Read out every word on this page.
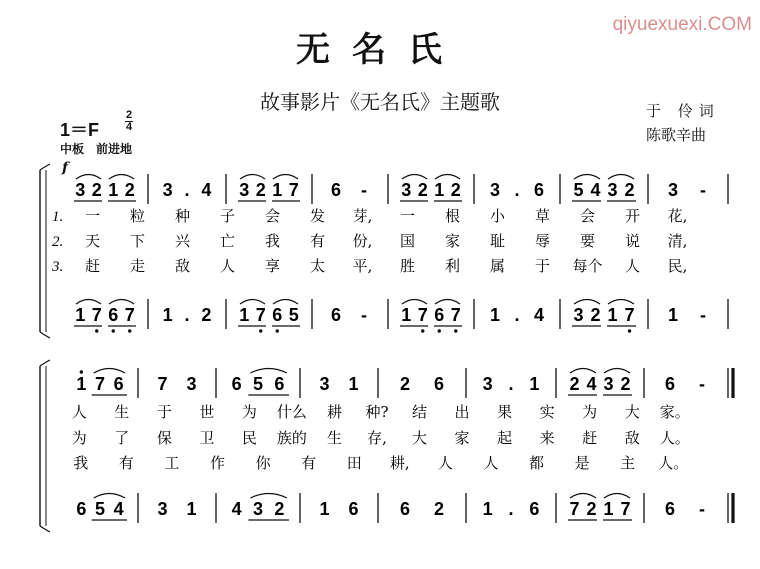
无名氏
故事影片《无名氏》主题歌
qiyuexuexi.COM
于 伶词
陈歌辛曲
1＝F
2
4
中板　前进地
f
3 2 1 2 3 . 4 3 2 1 7 6 - 3 2 1 2 3 . 6 5 4 3 2 3 -
1 7 6 7 1 . 2 1 7 6 5 6 - 1 7 6 7 1 . 4 3 2 1 7 1 -
1 7 6 7 3 6 5 6 3 1 2 6 3 . 1 2 4 3 2 6 -
6 5 4 3 1 4 3 2 1 6 6 2 1 . 6 7 2 1 7 6 -
1. 一 粒 种 子 会 发 芽, 一 根 小 草 会 开 花,
2. 天 下 兴 亡 我 有 份, 国 家 耻 辱 要 说 清,
3. 赶 走 敌 人 享 太 平, 胜 利 属 于 每个 人 民,
人 生 于 世 为 什么 耕 种? 结 出 果 实 为 大 家。
为 了 保 卫 民 族的 生 存, 大 家 起 来 赶 敌 人。
我 有 工 作 你 有 田 耕, 人 人 都 是 主 人。
